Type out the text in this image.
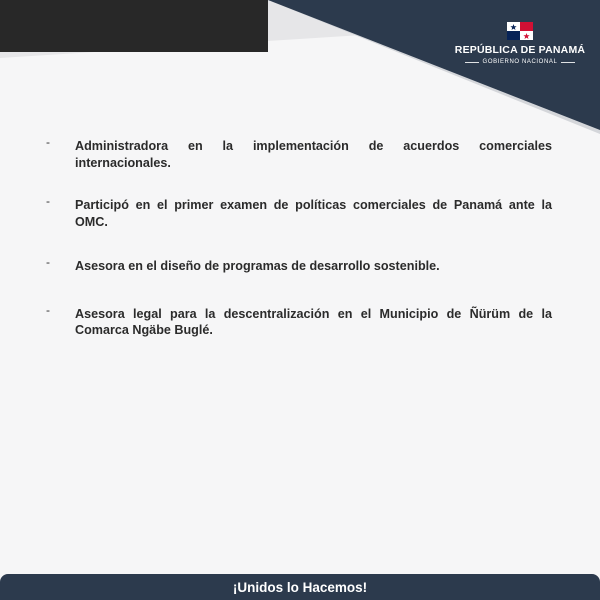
REPÚBLICA DE PANAMÁ
GOBIERNO NACIONAL
- Administradora en la implementación de acuerdos comerciales internacionales.
- Participó en el primer examen de políticas comerciales de Panamá ante la OMC.
- Asesora en el diseño de programas de desarrollo sostenible.
- Asesora legal para la descentralización en el Municipio de Ñürüm de la Comarca Ngäbe Buglé.
¡Unidos lo Hacemos!
